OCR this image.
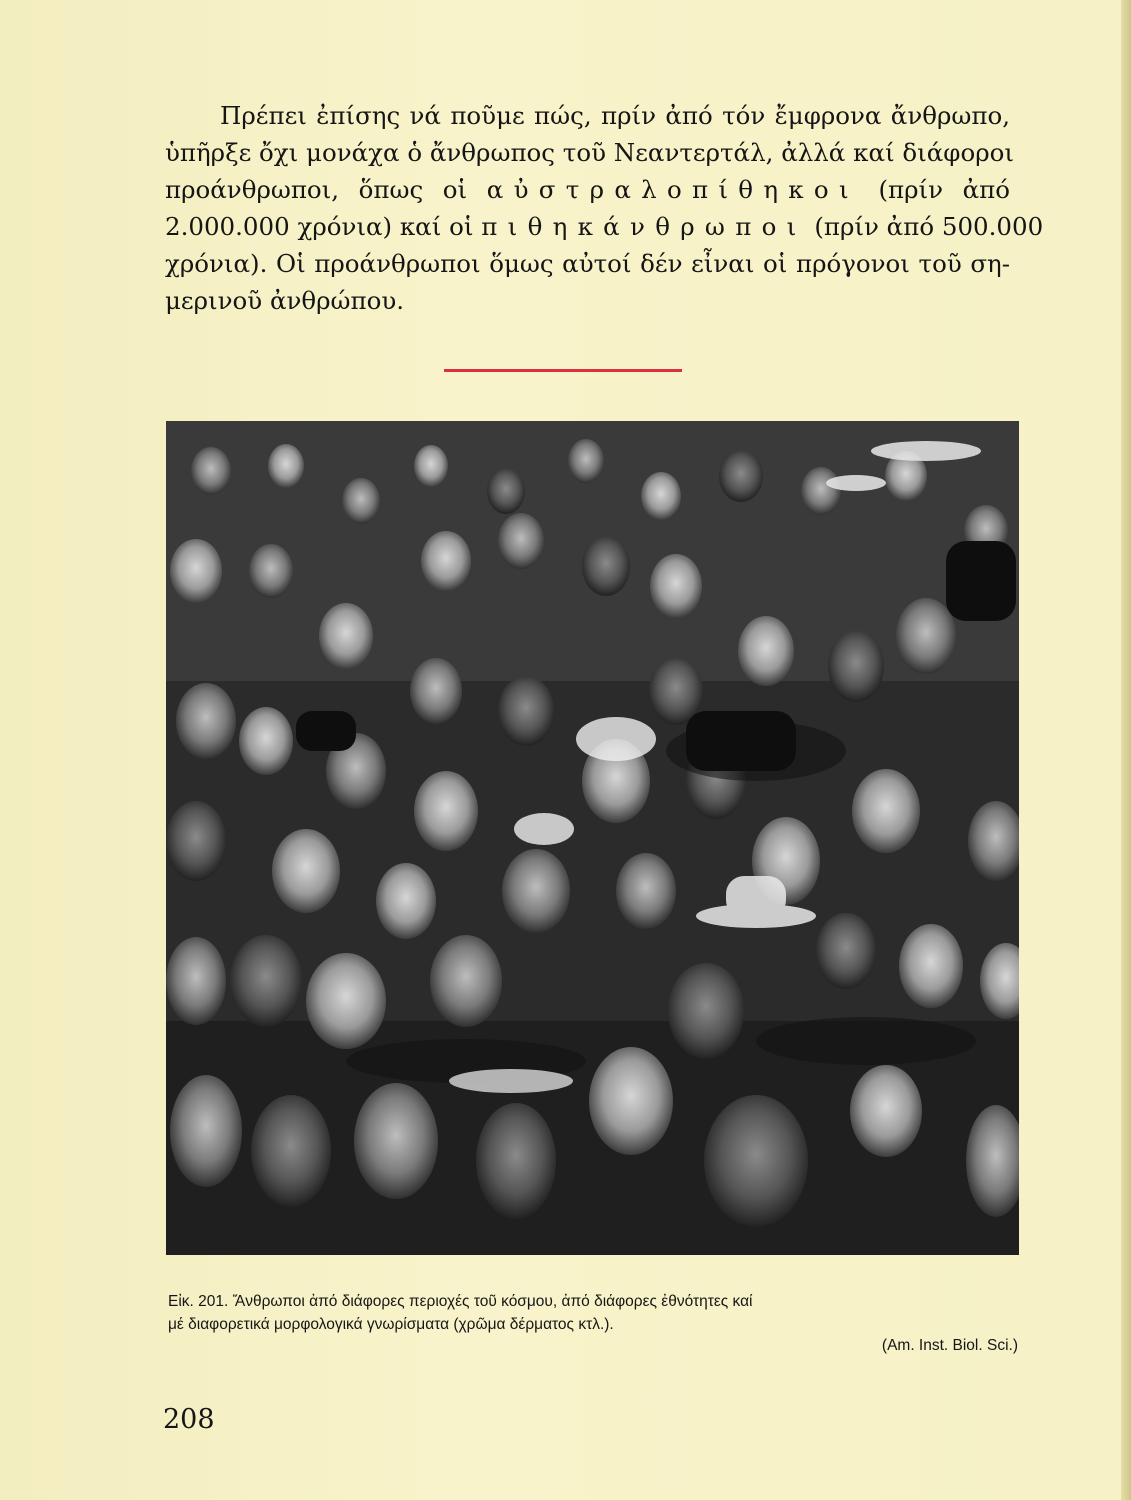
Πρέπει ἐπίσης νά ποῦμε πώς, πρίν ἀπό τόν ἔμφρονα ἄνθρωπο,
ὑπῆρξε ὄχι μονάχα ὁ ἄνθρωπος τοῦ Νεαντερτάλ, ἀλλά καί διάφοροι
προάνθρωποι, ὅπως οἱ αὐστραλοπίθηκοι (πρίν ἀπό
2.000.000 χρόνια) καί οἱ πιθηκάνθρωποι (πρίν ἀπό 500.000
χρόνια). Οἱ προάνθρωποι ὅμως αὐτοί δέν εἶναι οἱ πρόγονοι τοῦ ση-
μερινοῦ ἀνθρώπου.

Εἰκ. 201. Ἄνθρωποι ἀπό διάφορες περιοχές τοῦ κόσμου, ἀπό διάφορες ἐθνότητες καί
μέ διαφορετικά μορφολογικά γνωρίσματα (χρῶμα δέρματος κτλ.).
(Am. Inst. Biol. Sci.)
208
